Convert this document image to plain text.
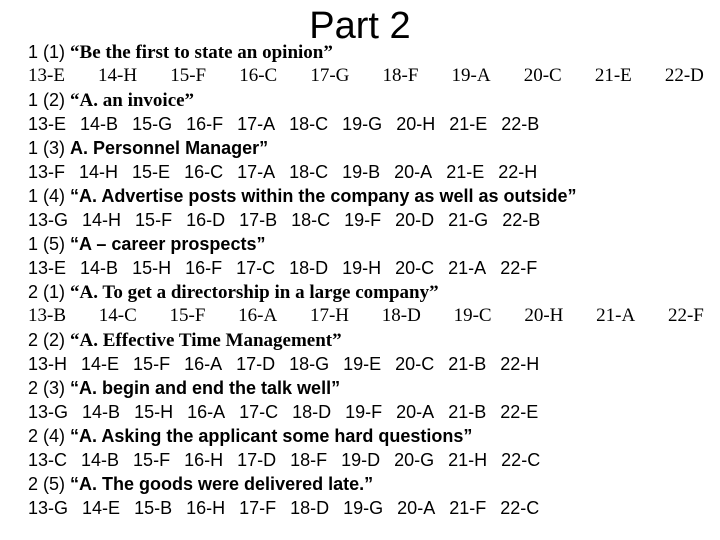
Part 2
1 (1) “Be the first to state an opinion”
13-E 14-H 15-F 16-C 17-G 18-F 19-A 20-C 21-E 22-D
1 (2) “A. an invoice”
13-E 14-B 15-G 16-F 17-A 18-C 19-G 20-H 21-E 22-B
1 (3) A. Personnel Manager”
13-F 14-H 15-E 16-C 17-A 18-C 19-B 20-A 21-E 22-H
1 (4) “A. Advertise posts within the company as well as outside”
13-G 14-H 15-F 16-D 17-B 18-C 19-F 20-D 21-G 22-B
1 (5) “A – career prospects”
13-E 14-B 15-H 16-F 17-C 18-D 19-H 20-C 21-A 22-F
2 (1) “A. To get a directorship in a large company”
13-B 14-C 15-F 16-A 17-H 18-D 19-C 20-H 21-A 22-F
2 (2) “A. Effective Time Management”
13-H 14-E 15-F 16-A 17-D 18-G 19-E 20-C 21-B 22-H
2 (3) “A. begin and end the talk well”
13-G 14-B 15-H 16-A 17-C 18-D 19-F 20-A 21-B 22-E
2 (4) “A. Asking the applicant some hard questions”
13-C 14-B 15-F 16-H 17-D 18-F 19-D 20-G 21-H 22-C
2 (5) “A. The goods were delivered late.”
13-G 14-E 15-B 16-H 17-F 18-D 19-G 20-A 21-F 22-C
